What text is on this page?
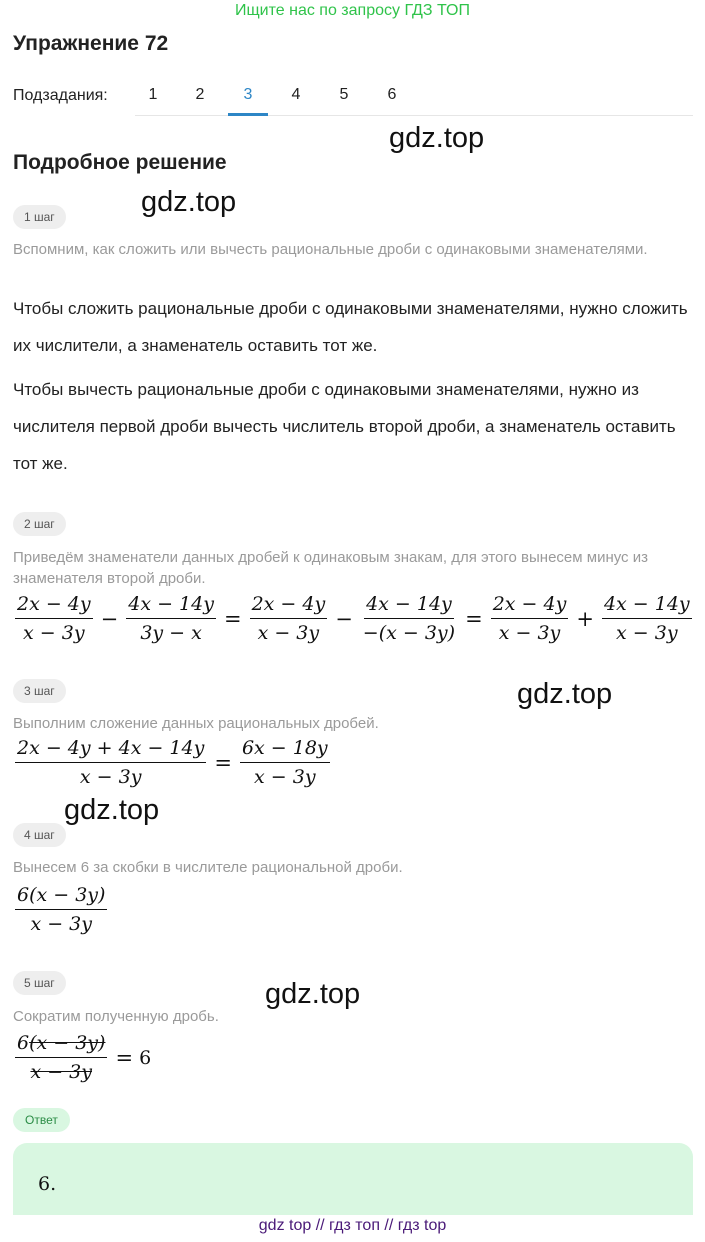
Ищите нас по запросу ГДЗ ТОП
Упражнение 72
Подзадания:	1	2	3	4	5	6
Подробное решение
gdz.top
gdz.top
gdz.top
gdz.top
gdz.top
1 шаг
Вспомним, как сложить или вычесть рациональные дроби с одинаковыми знаменателями.
Чтобы сложить рациональные дроби с одинаковыми знаменателями, нужно сложить их числители, а знаменатель оставить тот же.
Чтобы вычесть рациональные дроби с одинаковыми знаменателями, нужно из числителя первой дроби вычесть числитель второй дроби, а знаменатель оставить тот же.
2 шаг
Приведём знаменатели данных дробей к одинаковым знакам, для этого вынесем минус из знаменателя второй дроби.
$\frac{2x - 4y}{x - 3y} - \frac{4x - 14y}{3y - x} = \frac{2x - 4y}{x - 3y} - \frac{4x - 14y}{-(x - 3y)} = \frac{2x - 4y}{x - 3y} + \frac{4x - 14y}{x - 3y}$
3 шаг
Выполним сложение данных рациональных дробей.
$\frac{2x - 4y + 4x - 14y}{x - 3y} = \frac{6x - 18y}{x - 3y}$
4 шаг
Вынесем 6 за скобки в числителе рациональной дроби.
$\frac{6(x - 3y)}{x - 3y}$
5 шаг
Сократим полученную дробь.
$\frac{6(x - 3y)}{x - 3y} = 6$
Ответ
6.
gdz top // гдз топ // гдз top
